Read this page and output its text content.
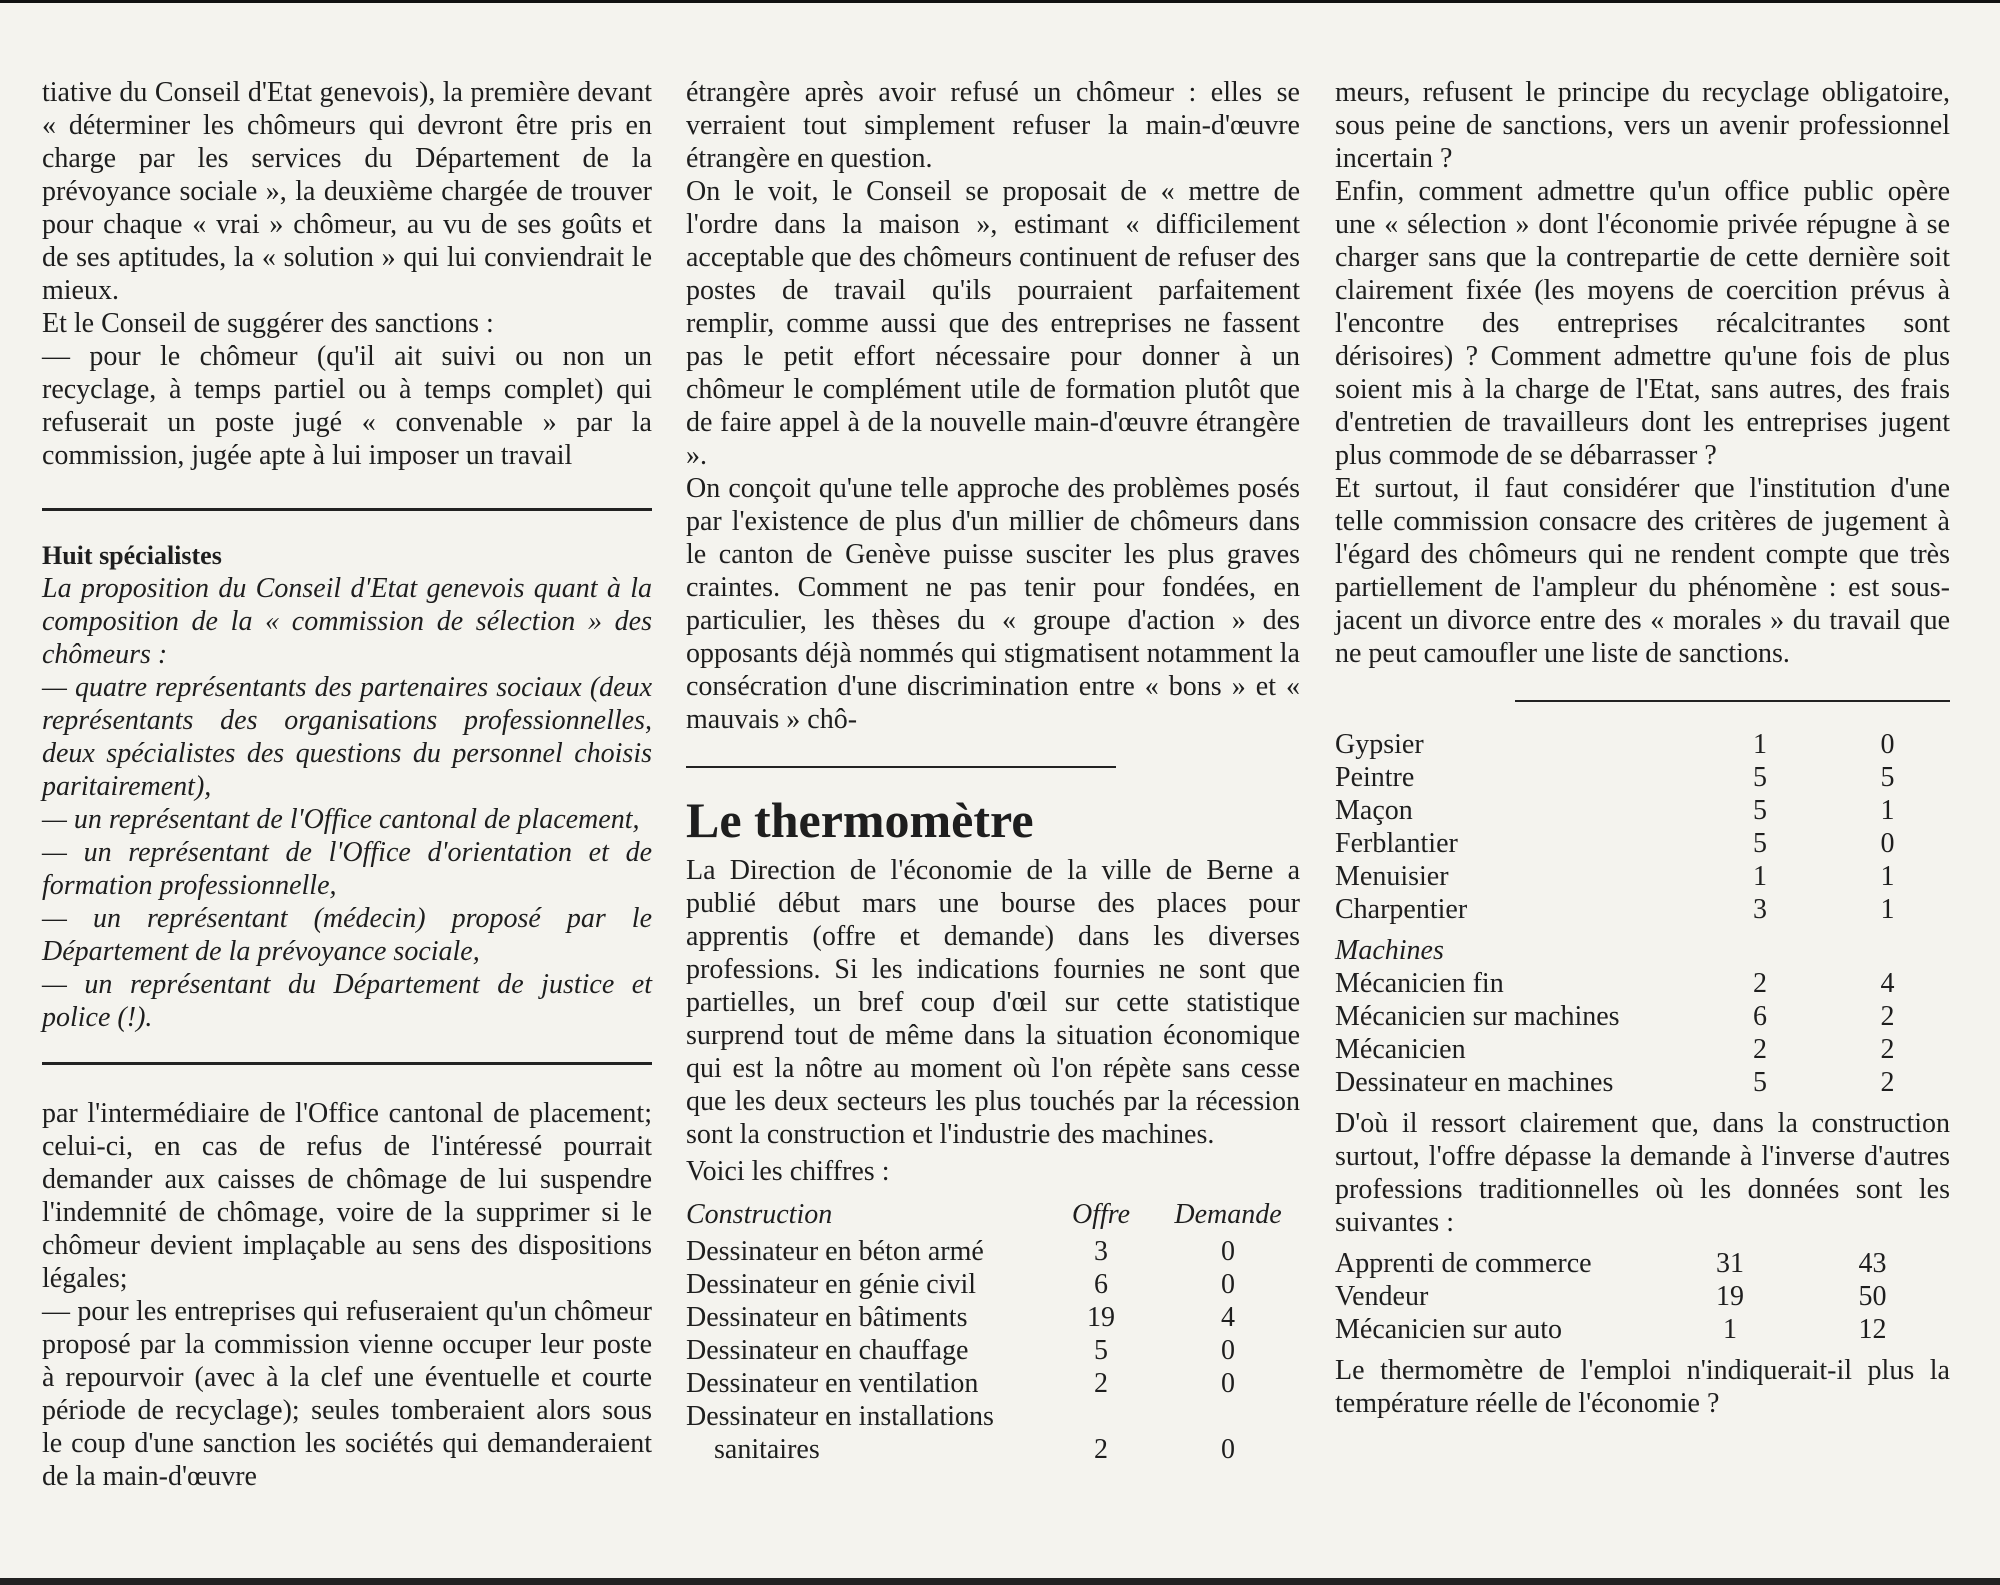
tiative du Conseil d'Etat genevois), la première devant « déterminer les chômeurs qui devront être pris en charge par les services du Département de la prévoyance sociale », la deuxième chargée de trouver pour chaque « vrai » chômeur, au vu de ses goûts et de ses aptitudes, la « solution » qui lui conviendrait le mieux.

Et le Conseil de suggérer des sanctions :

— pour le chômeur (qu'il ait suivi ou non un recyclage, à temps partiel ou à temps complet) qui refuserait un poste jugé « convenable » par la commission, jugée apte à lui imposer un travail

Huit spécialistes

La proposition du Conseil d'Etat genevois quant à la composition de la « commission de sélection » des chômeurs :

— quatre représentants des partenaires sociaux (deux représentants des organisations professionnelles, deux spécialistes des questions du personnel choisis paritairement),

— un représentant de l'Office cantonal de placement,

— un représentant de l'Office d'orientation et de formation professionnelle,

— un représentant (médecin) proposé par le Département de la prévoyance sociale,

— un représentant du Département de justice et police (!).

par l'intermédiaire de l'Office cantonal de placement; celui-ci, en cas de refus de l'intéressé pourrait demander aux caisses de chômage de lui suspendre l'indemnité de chômage, voire de la supprimer si le chômeur devient implaçable au sens des dispositions légales;

— pour les entreprises qui refuseraient qu'un chômeur proposé par la commission vienne occuper leur poste à repourvoir (avec à la clef une éventuelle et courte période de recyclage); seules tomberaient alors sous le coup d'une sanction les sociétés qui demanderaient de la main-d'œuvre

étrangère après avoir refusé un chômeur : elles se verraient tout simplement refuser la main-d'œuvre étrangère en question.

On le voit, le Conseil se proposait de « mettre de l'ordre dans la maison », estimant « difficilement acceptable que des chômeurs continuent de refuser des postes de travail qu'ils pourraient parfaitement remplir, comme aussi que des entreprises ne fassent pas le petit effort nécessaire pour donner à un chômeur le complément utile de formation plutôt que de faire appel à de la nouvelle main-d'œuvre étrangère ».

On conçoit qu'une telle approche des problèmes posés par l'existence de plus d'un millier de chômeurs dans le canton de Genève puisse susciter les plus graves craintes. Comment ne pas tenir pour fondées, en particulier, les thèses du « groupe d'action » des opposants déjà nommés qui stigmatisent notamment la consécration d'une discrimination entre « bons » et « mauvais » chô-

Le thermomètre

La Direction de l'économie de la ville de Berne a publié début mars une bourse des places pour apprentis (offre et demande) dans les diverses professions. Si les indications fournies ne sont que partielles, un bref coup d'œil sur cette statistique surprend tout de même dans la situation économique qui est la nôtre au moment où l'on répète sans cesse que les deux secteurs les plus touchés par la récession sont la construction et l'industrie des machines.

Voici les chiffres :

Construction	Offre	Demande

Dessinateur en béton armé	3	0
Dessinateur en génie civil	6	0
Dessinateur en bâtiments	19	4
Dessinateur en chauffage	5	0
Dessinateur en ventilation	2	0
Dessinateur en installations		
sanitaires	2	0

meurs, refusent le principe du recyclage obligatoire, sous peine de sanctions, vers un avenir professionnel incertain ?

Enfin, comment admettre qu'un office public opère une « sélection » dont l'économie privée répugne à se charger sans que la contrepartie de cette dernière soit clairement fixée (les moyens de coercition prévus à l'encontre des entreprises récalcitrantes sont dérisoires) ? Comment admettre qu'une fois de plus soient mis à la charge de l'Etat, sans autres, des frais d'entretien de travailleurs dont les entreprises jugent plus commode de se débarrasser ?

Et surtout, il faut considérer que l'institution d'une telle commission consacre des critères de jugement à l'égard des chômeurs qui ne rendent compte que très partiellement de l'ampleur du phénomène : est sous-jacent un divorce entre des « morales » du travail que ne peut camoufler une liste de sanctions.

Gypsier	1	0
Peintre	5	5
Maçon	5	1
Ferblantier	5	0
Menuisier	1	1
Charpentier	3	1
Machines		
Mécanicien fin	2	4
Mécanicien sur machines	6	2
Mécanicien	2	2
Dessinateur en machines	5	2

D'où il ressort clairement que, dans la construction surtout, l'offre dépasse la demande à l'inverse d'autres professions traditionnelles où les données sont les suivantes :

Apprenti de commerce	31	43
Vendeur	19	50
Mécanicien sur auto	1	12

Le thermomètre de l'emploi n'indiquerait-il plus la température réelle de l'économie ?
